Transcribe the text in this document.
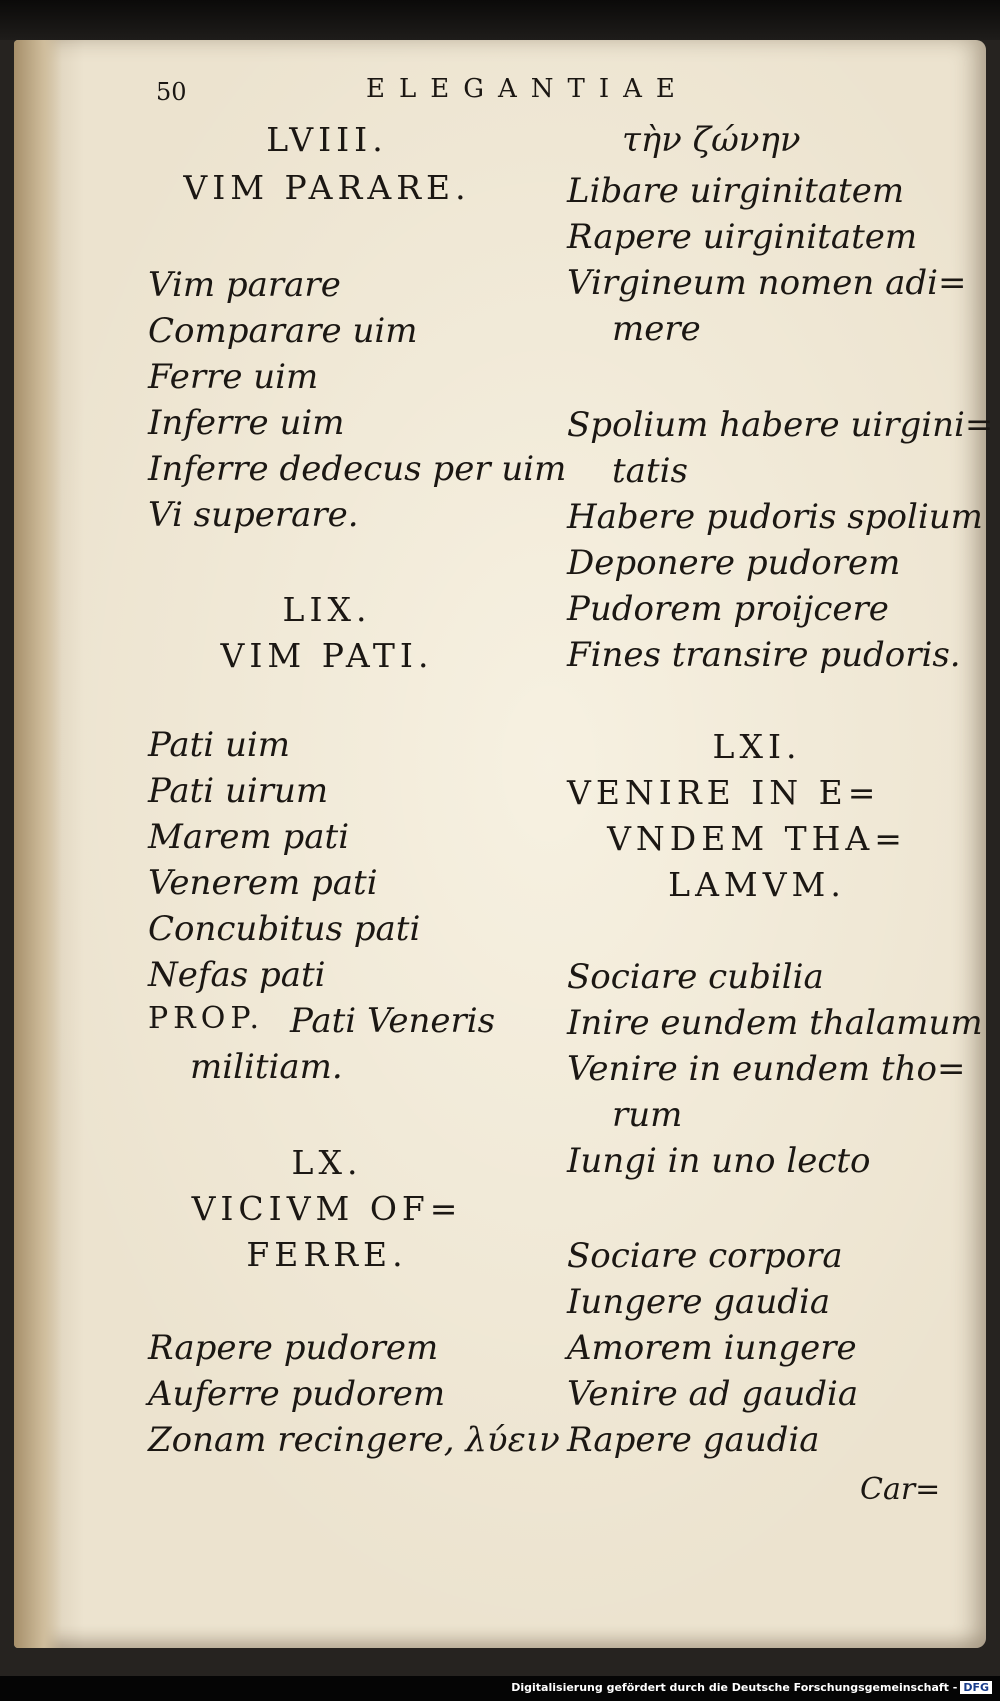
50	ELEGANTIAE
LVIII.
VIM PARARE.
Vim parare
Comparare uim
Ferre uim
Inferre uim
Inferre dedecus per uim
Vi superare.
LIX.
VIM PATI.
Pati uim
Pati uirum
Marem pati
Venerem pati
Concubitus pati
Nefas pati
PROP. Pati Veneris
militiam.
LX.
VICIVM OF=
FERRE.
Rapere pudorem
Auferre pudorem
Zonam recingere, λύειν
τὴν ζώνην
Libare uirginitatem
Rapere uirginitatem
Virgineum nomen adi=
mere
Spolium habere uirgini=
tatis
Habere pudoris spolium
Deponere pudorem
Pudorem proijcere
Fines transire pudoris.
LXI.
VENIRE IN E=
VNDEM THA=
LAMVM.
Sociare cubilia
Inire eundem thalamum
Venire in eundem tho=
rum
Iungi in uno lecto
Sociare corpora
Iungere gaudia
Amorem iungere
Venire ad gaudia
Rapere gaudia
Car=
Digitalisierung gefördert durch die Deutsche Forschungsgemeinschaft - DFG
